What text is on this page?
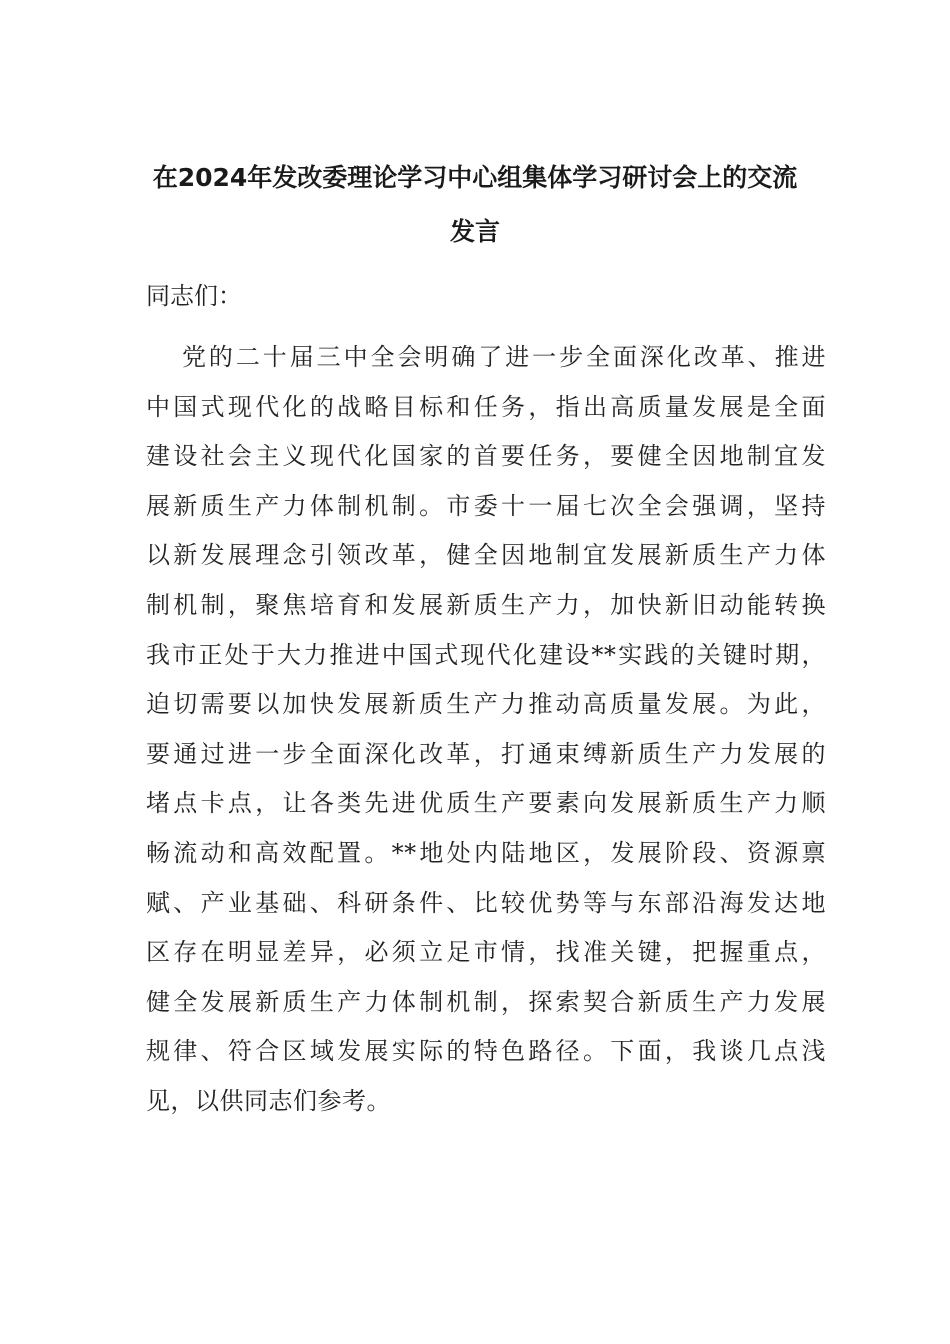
在2024年发改委理论学习中心组集体学习研讨会上的交流
发言

同志们：

党的二十届三中全会明确了进一步全面深化改革、推进
中国式现代化的战略目标和任务，指出高质量发展是全面
建设社会主义现代化国家的首要任务，要健全因地制宜发
展新质生产力体制机制。市委十一届七次全会强调，坚持
以新发展理念引领改革，健全因地制宜发展新质生产力体
制机制，聚焦培育和发展新质生产力，加快新旧动能转换
我市正处于大力推进中国式现代化建设**实践的关键时期，
迫切需要以加快发展新质生产力推动高质量发展。为此，
要通过进一步全面深化改革，打通束缚新质生产力发展的
堵点卡点，让各类先进优质生产要素向发展新质生产力顺
畅流动和高效配置。**地处内陆地区，发展阶段、资源禀
赋、产业基础、科研条件、比较优势等与东部沿海发达地
区存在明显差异，必须立足市情，找准关键，把握重点，
健全发展新质生产力体制机制，探索契合新质生产力发展
规律、符合区域发展实际的特色路径。下面，我谈几点浅
见，以供同志们参考。
